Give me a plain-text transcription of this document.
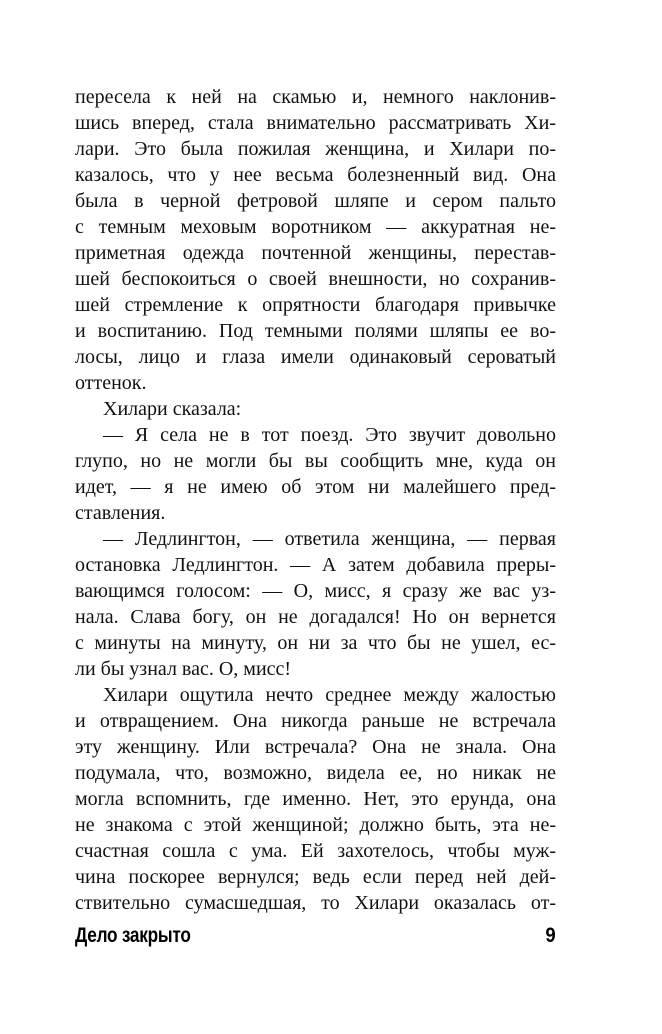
пересела к ней на скамью и, немного наклонив-
шись вперед, стала внимательно рассматривать Хи-
лари. Это была пожилая женщина, и Хилари по-
казалось, что у нее весьма болезненный вид. Она
была в черной фетровой шляпе и сером пальто
с темным меховым воротником — аккуратная не-
приметная одежда почтенной женщины, перестав-
шей беспокоиться о своей внешности, но сохранив-
шей стремление к опрятности благодаря привычке
и воспитанию. Под темными полями шляпы ее во-
лосы, лицо и глаза имели одинаковый сероватый
оттенок.
Хилари сказала:
— Я села не в тот поезд. Это звучит довольно
глупо, но не могли бы вы сообщить мне, куда он
идет, — я не имею об этом ни малейшего пред-
ставления.
— Ледлингтон, — ответила женщина, — первая
остановка Ледлингтон. — А затем добавила преры-
вающимся голосом: — О, мисс, я сразу же вас уз-
нала. Слава богу, он не догадался! Но он вернется
с минуты на минуту, он ни за что бы не ушел, ес-
ли бы узнал вас. О, мисс!
Хилари ощутила нечто среднее между жалостью
и отвращением. Она никогда раньше не встречала
эту женщину. Или встречала? Она не знала. Она
подумала, что, возможно, видела ее, но никак не
могла вспомнить, где именно. Нет, это ерунда, она
не знакома с этой женщиной; должно быть, эта не-
счастная сошла с ума. Ей захотелось, чтобы муж-
чина поскорее вернулся; ведь если перед ней дей-
ствительно сумасшедшая, то Хилари оказалась от-
Дело закрыто	9
